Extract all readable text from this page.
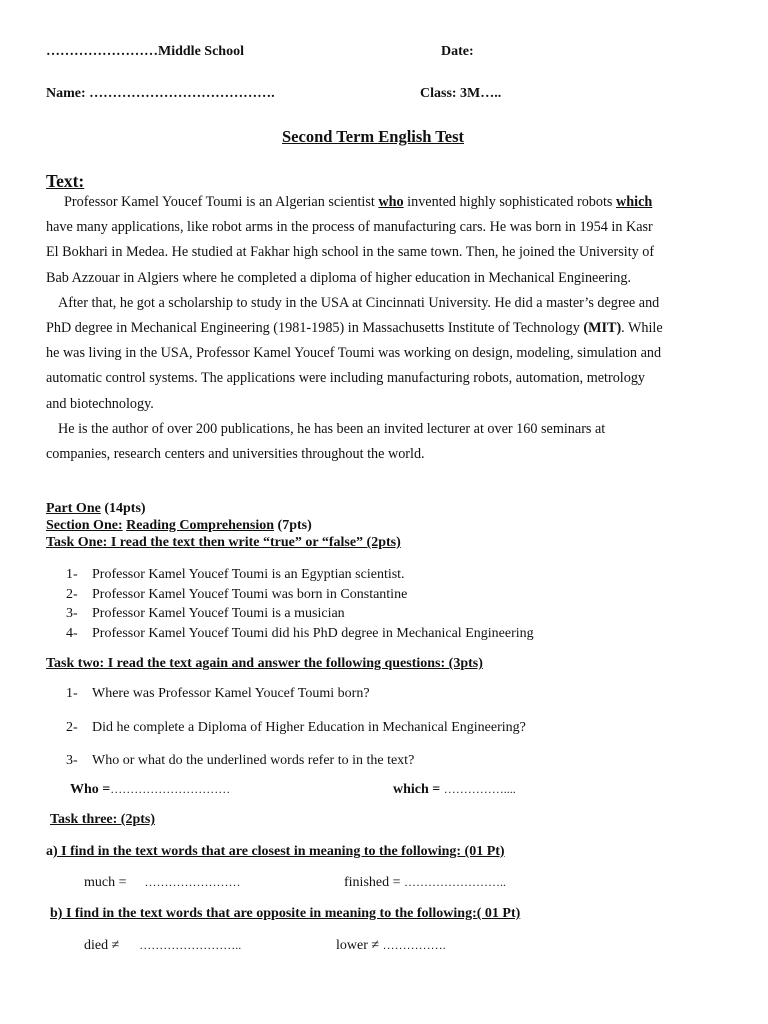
……………………Middle School	Date:
Name: ………………………………….	Class: 3M…..
Second Term English Test
Text:
Professor Kamel Youcef Toumi is an Algerian scientist who invented highly sophisticated robots which
have many applications, like robot arms in the process of manufacturing cars. He was born in 1954 in Kasr
El Bokhari in Medea. He studied at Fakhar high school in the same town. Then, he joined the University of
Bab Azzouar in Algiers where he completed a diploma of higher education in Mechanical Engineering.
After that, he got a scholarship to study in the USA at Cincinnati University. He did a master’s degree and
PhD degree in Mechanical Engineering (1981-1985) in Massachusetts Institute of Technology (MIT). While
he was living in the USA, Professor Kamel Youcef Toumi was working on design, modeling, simulation and
automatic control systems. The applications were including manufacturing robots, automation, metrology
and biotechnology.
He is the author of over 200 publications, he has been an invited lecturer at over 160 seminars at
companies, research centers and universities throughout the world.
Part One (14pts)
Section One: Reading Comprehension (7pts)
Task One: I read the text then write “true” or “false” (2pts)
1- Professor Kamel Youcef Toumi is an Egyptian scientist.
2- Professor Kamel Youcef Toumi was born in Constantine
3- Professor Kamel Youcef Toumi is a musician
4- Professor Kamel Youcef Toumi did his PhD degree in Mechanical Engineering
Task two: I read the text again and answer the following questions: (3pts)
1- Where was Professor Kamel Youcef Toumi born?
2- Did he complete a Diploma of Higher Education in Mechanical Engineering?
3- Who or what do the underlined words refer to in the text?
Who =…………………………	which = ……………....
Task three: (2pts)
a) I find in the text words that are closest in meaning to the following: (01 Pt)
much = ……………………	finished = ……………………..
b) I find in the text words that are opposite in meaning to the following:( 01 Pt)
died ≠ ……………………..	lower ≠ …………….
